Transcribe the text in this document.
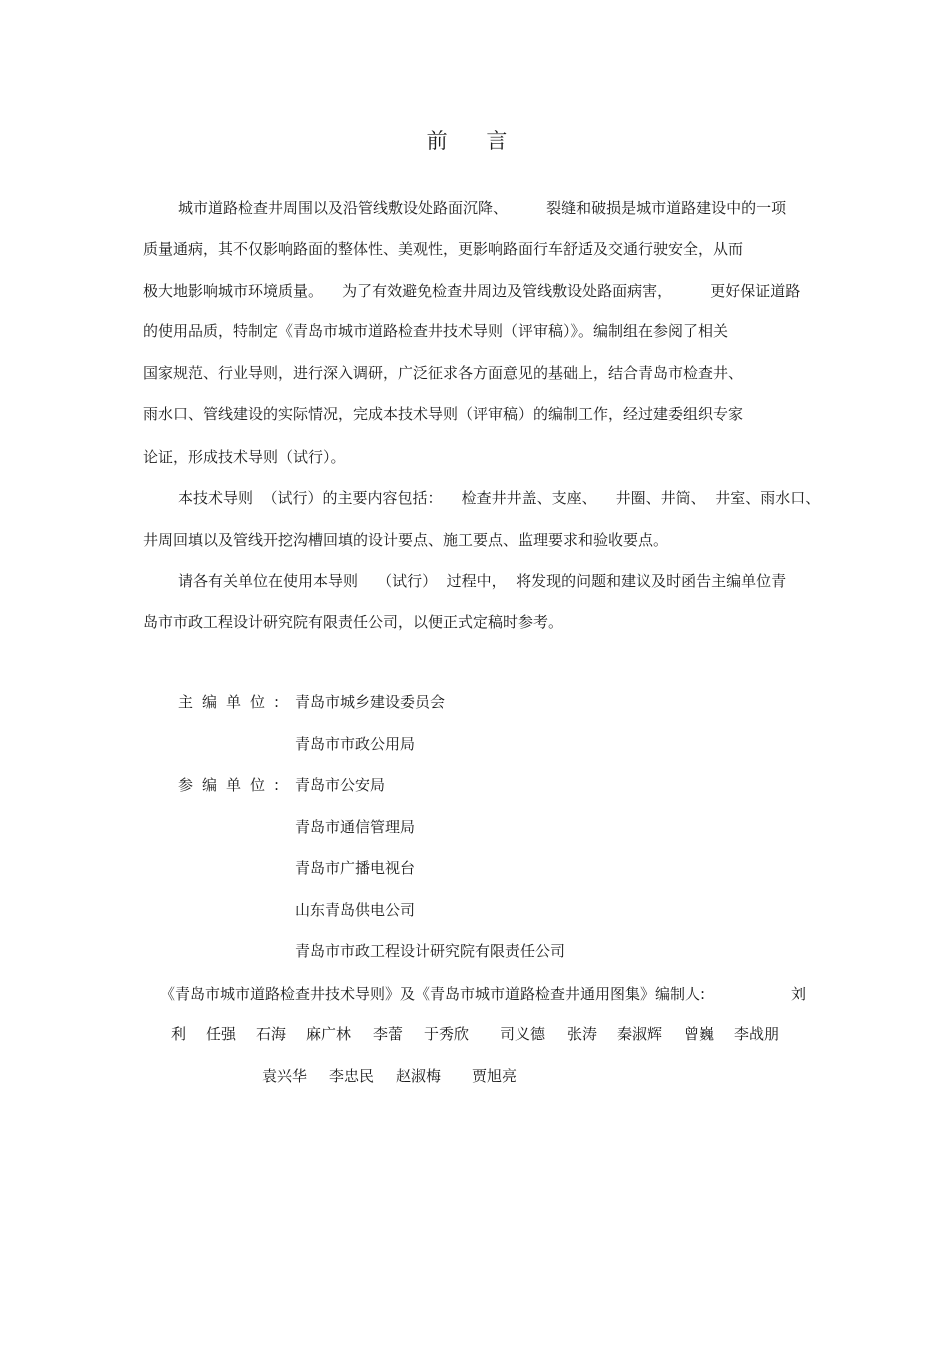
前 言
城市道路检查井周围以及沿管线敷设处路面沉降、        裂缝和破损是城市道路建设中的一项
质量通病，其不仅影响路面的整体性、美观性，更影响路面行车舒适及交通行驶安全，从而
极大地影响城市环境质量。    为了有效避免检查井周边及管线敷设处路面病害，        更好保证道路
的使用品质，特制定《青岛市城市道路检查井技术导则（评审稿）》。编制组在参阅了相关
国家规范、行业导则，进行深入调研，广泛征求各方面意见的基础上，结合青岛市检查井、
雨水口、管线建设的实际情况，完成本技术导则（评审稿）的编制工作，经过建委组织专家
论证，形成技术导则（试行）。
本技术导则  （试行）的主要内容包括：    检查井井盖、支座、    井圈、井筒、  井室、雨水口、
井周回填以及管线开挖沟槽回填的设计要点、施工要点、监理要求和验收要点。
请各有关单位在使用本导则    （试行）  过程中，  将发现的问题和建议及时函告主编单位青
岛市市政工程设计研究院有限责任公司，以便正式定稿时参考。
主编单位: 青岛市城乡建设委员会
青岛市市政公用局
参编单位: 青岛市公安局
青岛市通信管理局
青岛市广播电视台
山东青岛供电公司
青岛市市政工程设计研究院有限责任公司
《青岛市城市道路检查井技术导则》及《青岛市城市道路检查井通用图集》编制人:	刘
利 任强 石海 麻广林 李蕾 于秀欣 司义德 张涛 秦淑辉 曾巍 李战朋
袁兴华 李忠民 赵淑梅 贾旭亮
